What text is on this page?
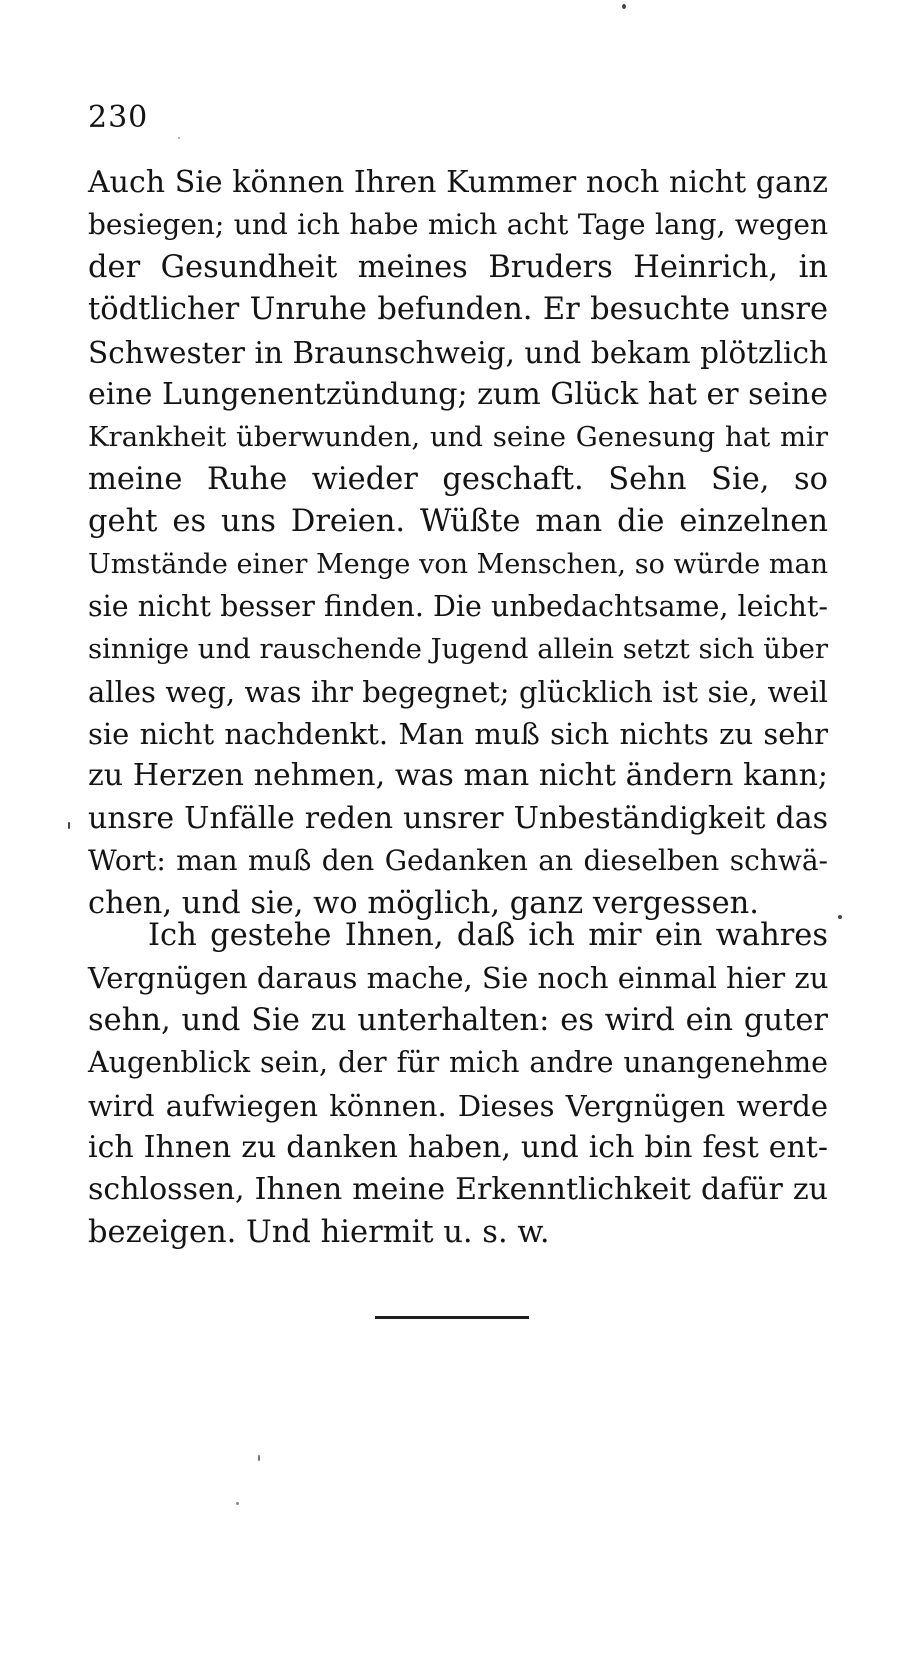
230
Auch Sie können Ihren Kummer noch nicht ganz
besiegen; und ich habe mich acht Tage lang, wegen
der Gesundheit meines Bruders Heinrich, in
tödtlicher Unruhe befunden. Er besuchte unsre
Schwester in Braunschweig, und bekam plötzlich
eine Lungenentzündung; zum Glück hat er seine
Krankheit überwunden, und seine Genesung hat mir
meine Ruhe wieder geschaft. Sehn Sie, so
geht es uns Dreien. Wüßte man die einzelnen
Umstände einer Menge von Menschen, so würde man
sie nicht besser finden. Die unbedachtsame, leicht-
sinnige und rauschende Jugend allein setzt sich über
alles weg, was ihr begegnet; glücklich ist sie, weil
sie nicht nachdenkt. Man muß sich nichts zu sehr
zu Herzen nehmen, was man nicht ändern kann;
unsre Unfälle reden unsrer Unbeständigkeit das
Wort: man muß den Gedanken an dieselben schwä-
chen, und sie, wo möglich, ganz vergessen.
Ich gestehe Ihnen, daß ich mir ein wahres
Vergnügen daraus mache, Sie noch einmal hier zu
sehn, und Sie zu unterhalten: es wird ein guter
Augenblick sein, der für mich andre unangenehme
wird aufwiegen können. Dieses Vergnügen werde
ich Ihnen zu danken haben, und ich bin fest ent-
schlossen, Ihnen meine Erkenntlichkeit dafür zu
bezeigen. Und hiermit u. s. w.
